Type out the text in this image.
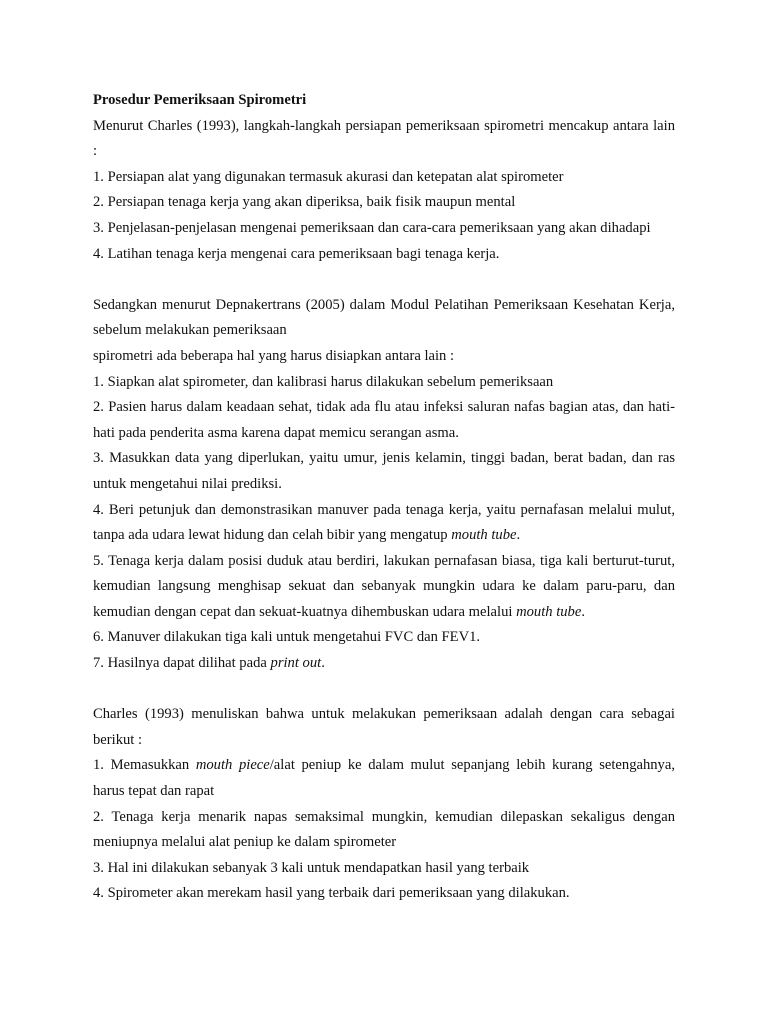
Prosedur Pemeriksaan Spirometri

Menurut Charles (1993), langkah-langkah persiapan pemeriksaan spirometri mencakup antara lain :

1. Persiapan alat yang digunakan termasuk akurasi dan ketepatan alat spirometer

2. Persiapan tenaga kerja yang akan diperiksa, baik fisik maupun mental

3. Penjelasan-penjelasan mengenai pemeriksaan dan cara-cara pemeriksaan yang akan dihadapi

4. Latihan tenaga kerja mengenai cara pemeriksaan bagi tenaga kerja.

Sedangkan menurut Depnakertrans (2005) dalam Modul Pelatihan Pemeriksaan Kesehatan Kerja, sebelum melakukan pemeriksaan

spirometri ada beberapa hal yang harus disiapkan antara lain :

1. Siapkan alat spirometer, dan kalibrasi harus dilakukan sebelum pemeriksaan

2. Pasien harus dalam keadaan sehat, tidak ada flu atau infeksi saluran nafas bagian atas, dan hati-hati pada penderita asma karena dapat memicu serangan asma.

3. Masukkan data yang diperlukan, yaitu umur, jenis kelamin, tinggi badan, berat badan, dan ras untuk mengetahui nilai prediksi.

4. Beri petunjuk dan demonstrasikan manuver pada tenaga kerja, yaitu pernafasan melalui mulut, tanpa ada udara lewat hidung dan celah bibir yang mengatup mouth tube.

5. Tenaga kerja dalam posisi duduk atau berdiri, lakukan pernafasan biasa, tiga kali berturut-turut, kemudian langsung menghisap sekuat dan sebanyak mungkin udara ke dalam paru-paru, dan kemudian dengan cepat dan sekuat-kuatnya dihembuskan udara melalui mouth tube.

6. Manuver dilakukan tiga kali untuk mengetahui FVC dan FEV1.

7. Hasilnya dapat dilihat pada print out.

Charles (1993) menuliskan bahwa untuk melakukan pemeriksaan adalah dengan cara sebagai berikut :

1. Memasukkan mouth piece/alat peniup ke dalam mulut sepanjang lebih kurang setengahnya, harus tepat dan rapat

2. Tenaga kerja menarik napas semaksimal mungkin, kemudian dilepaskan sekaligus dengan meniupnya melalui alat peniup ke dalam spirometer

3. Hal ini dilakukan sebanyak 3 kali untuk mendapatkan hasil yang terbaik

4. Spirometer akan merekam hasil yang terbaik dari pemeriksaan yang dilakukan.
